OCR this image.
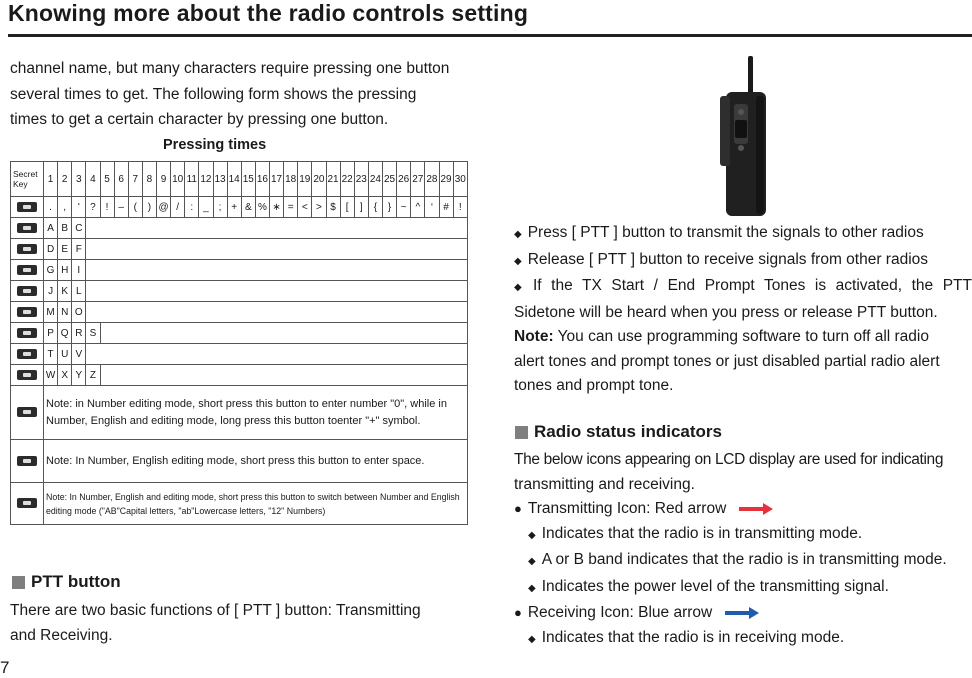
Knowing more about the radio controls setting

channel name, but many characters require pressing one button

several times to get. The following form shows the pressing

times to get a certain character by pressing one button.

Pressing times
Secret
Key	1	2	3	4	5	6	7	8	9	10	11	12	13	14	15	16	17	18	19	20	21	22	23	24	25	26	27	28	29	30
	.	,	'	?	!	–	(	)	@	/	:	_	;	+	&	%	∗	=	<	>	$	[	]	{	}	~	^	‘	#	!
	A	B	C																											
	D	E	F																											
	G	H	I																											
	J	K	L																											
	M	N	O																											
	P	Q	R	S																										
	T	U	V																											
	W	X	Y	Z																										
	Note: in Number editing mode, short press this button to enter number "0", while in Number, English and editing mode, long press this button toenter "+" symbol.																													
	Note: In Number, English editing mode, short press this button to enter space.																													
	Note: In Number, English and editing mode, short press this button to switch between Number and English editing mode ("AB"Capital letters, "ab"Lowercase letters, "12" Numbers)																													
PTT button

There are two basic functions of [ PTT ] button: Transmitting

and Receiving.

7

◆ Press [ PTT ] button to transmit the signals to other radios

◆ Release [ PTT ] button to receive signals from other radios

◆ If the TX Start / End Prompt Tones is activated, the PTT

Sidetone will be heard when you press or release PTT button.

Note: You can use programming software to turn off all radio

alert tones and prompt tones or just disabled partial radio alert

tones and prompt tone.

Radio status indicators

The below icons appearing on LCD display are used for indicating

transmitting and receiving.

● Transmitting Icon: Red arrow

◆ Indicates that the radio is in transmitting mode.

◆ A or B band indicates that the radio is in transmitting mode.

◆ Indicates the power level of the transmitting signal.

● Receiving Icon: Blue arrow

◆ Indicates that the radio is in receiving mode.
